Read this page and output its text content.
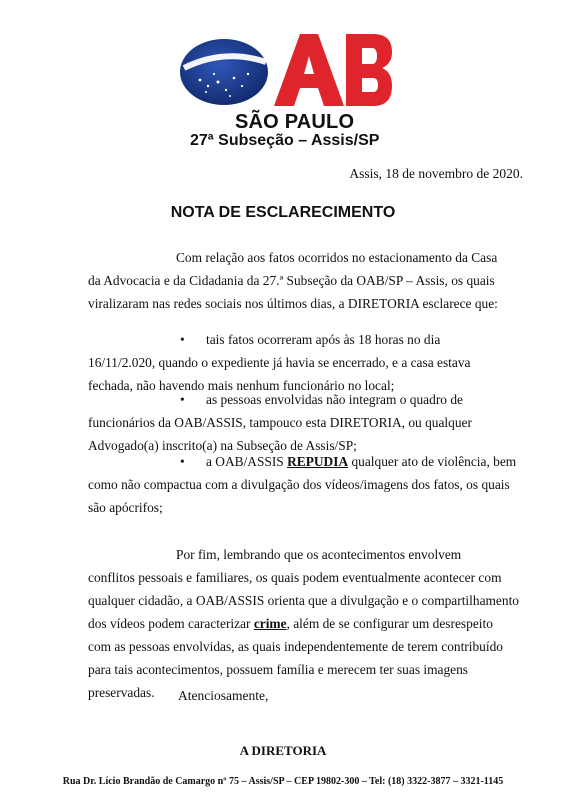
SÃO PAULO
27ª Subseção – Assis/SP
Assis, 18 de novembro de 2020.
NOTA DE ESCLARECIMENTO
Com relação aos fatos ocorridos no estacionamento da Casa
da Advocacia e da Cidadania da 27.ª Subseção da OAB/SP – Assis, os quais
viralizaram nas redes sociais nos últimos dias, a DIRETORIA esclarece que:
• tais fatos ocorreram após às 18 horas no dia
16/11/2.020, quando o expediente já havia se encerrado, e a casa estava
fechada, não havendo mais nenhum funcionário no local;
• as pessoas envolvidas não integram o quadro de
funcionários da OAB/ASSIS, tampouco esta DIRETORIA, ou qualquer
Advogado(a) inscrito(a) na Subseção de Assis/SP;
• a OAB/ASSIS REPUDIA qualquer ato de violência, bem
como não compactua com a divulgação dos vídeos/imagens dos fatos, os quais
são apócrifos;
Por fim, lembrando que os acontecimentos envolvem
conflitos pessoais e familiares, os quais podem eventualmente acontecer com
qualquer cidadão, a OAB/ASSIS orienta que a divulgação e o compartilhamento
dos vídeos podem caracterizar crime, além de se configurar um desrespeito
com as pessoas envolvidas, as quais independentemente de terem contribuído
para tais acontecimentos, possuem família e merecem ter suas imagens
preservadas.	Atenciosamente,
A DIRETORIA
Rua Dr. Lício Brandão de Camargo nº 75 – Assis/SP – CEP 19802-300 – Tel: (18) 3322-3877 – 3321-1145
